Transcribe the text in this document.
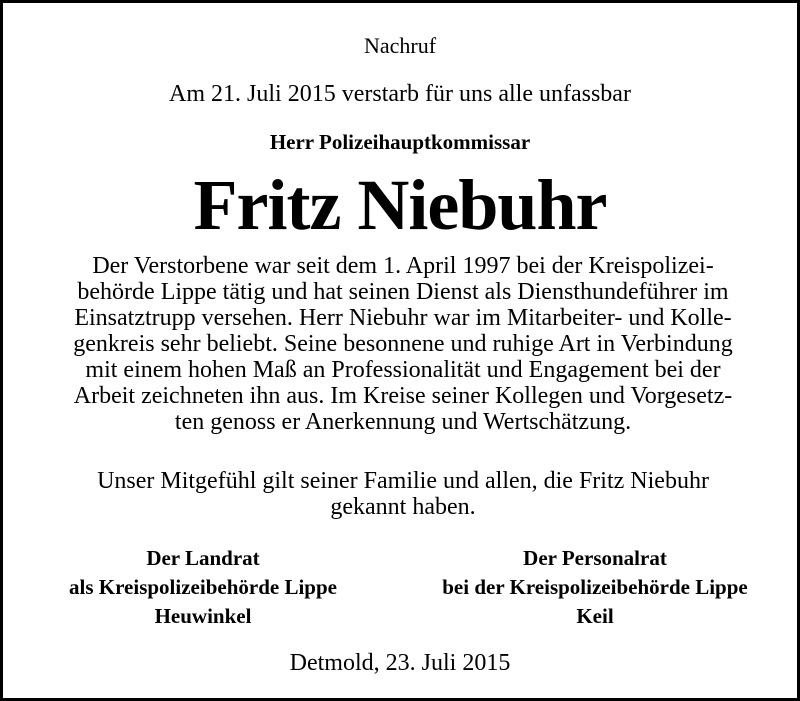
Nachruf
Am 21. Juli 2015 verstarb für uns alle unfassbar
Herr Polizeihauptkommissar
Fritz Niebuhr
Der Verstorbene war seit dem 1. April 1997 bei der Kreispolizei-
behörde Lippe tätig und hat seinen Dienst als Diensthundeführer im
Einsatztrupp versehen. Herr Niebuhr war im Mitarbeiter- und Kolle-
genkreis sehr beliebt. Seine besonnene und ruhige Art in Verbindung
mit einem hohen Maß an Professionalität und Engagement bei der
Arbeit zeichneten ihn aus. Im Kreise seiner Kollegen und Vorgesetz-
ten genoss er Anerkennung und Wertschätzung.
Unser Mitgefühl gilt seiner Familie und allen, die Fritz Niebuhr
gekannt haben.
Der Landrat
als Kreispolizeibehörde Lippe
Heuwinkel
Der Personalrat
bei der Kreispolizeibehörde Lippe
Keil
Detmold, 23. Juli 2015
